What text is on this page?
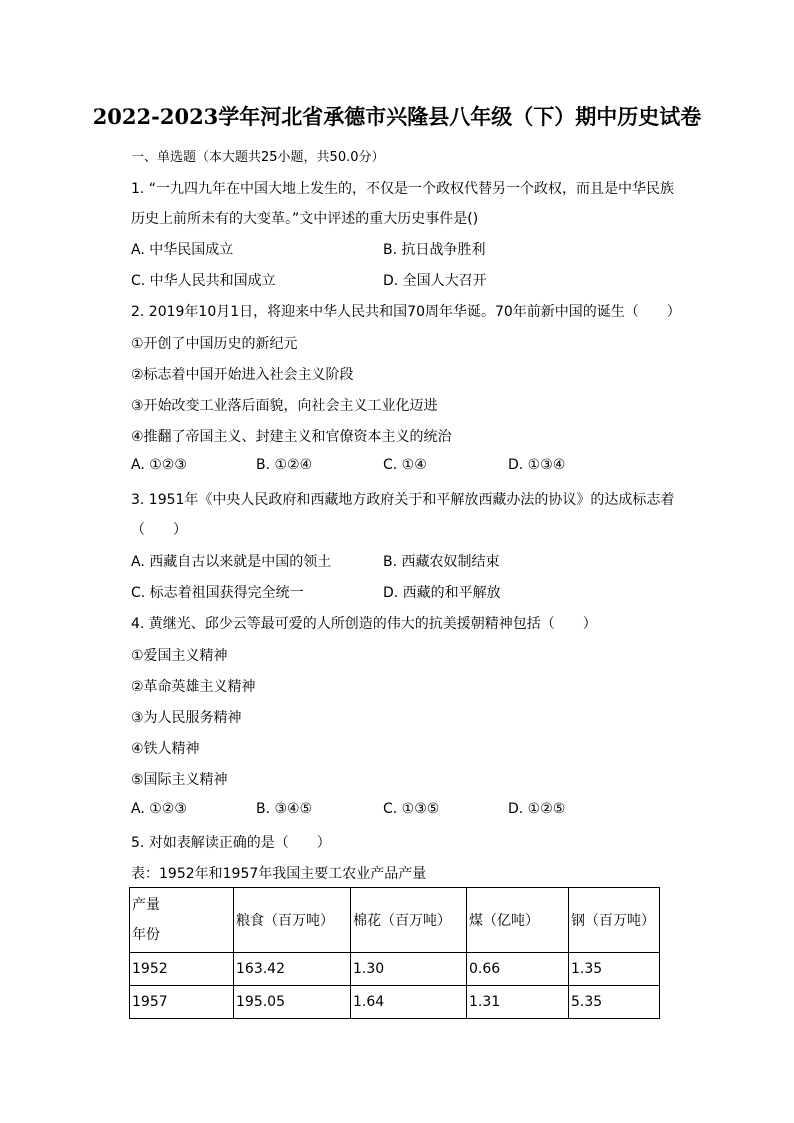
2022-2023学年河北省承德市兴隆县八年级（下）期中历史试卷
一、单选题（本大题共25小题，共50.0分）
1. “一九四九年在中国大地上发生的，不仅是一个政权代替另一个政权，而且是中华民族
历史上前所未有的大变革。”文中评述的重大历史事件是()
A. 中华民国成立	B. 抗日战争胜利
C. 中华人民共和国成立	D. 全国人大召开
2. 2019年10月1日，将迎来中华人民共和国70周年华诞。70年前新中国的诞生（　　）
①开创了中国历史的新纪元
②标志着中国开始进入社会主义阶段
③开始改变工业落后面貌，向社会主义工业化迈进
④推翻了帝国主义、封建主义和官僚资本主义的统治
A. ①②③	B. ①②④	C. ①④	D. ①③④
3. 1951年《中央人民政府和西藏地方政府关于和平解放西藏办法的协议》的达成标志着
（　　）
A. 西藏自古以来就是中国的领土	B. 西藏农奴制结束
C. 标志着祖国获得完全统一	D. 西藏的和平解放
4. 黄继光、邱少云等最可爱的人所创造的伟大的抗美援朝精神包括（　　）
①爱国主义精神
②革命英雄主义精神
③为人民服务精神
④铁人精神
⑤国际主义精神
A. ①②③	B. ③④⑤	C. ①③⑤	D. ①②⑤
5. 对如表解读正确的是（　　）
表：1952年和1957年我国主要工农业产品产量
产量
年份	粮食（百万吨）	棉花（百万吨）	煤（亿吨）	钢（百万吨）
1952	163.42	1.30	0.66	1.35
1957	195.05	1.64	1.31	5.35
